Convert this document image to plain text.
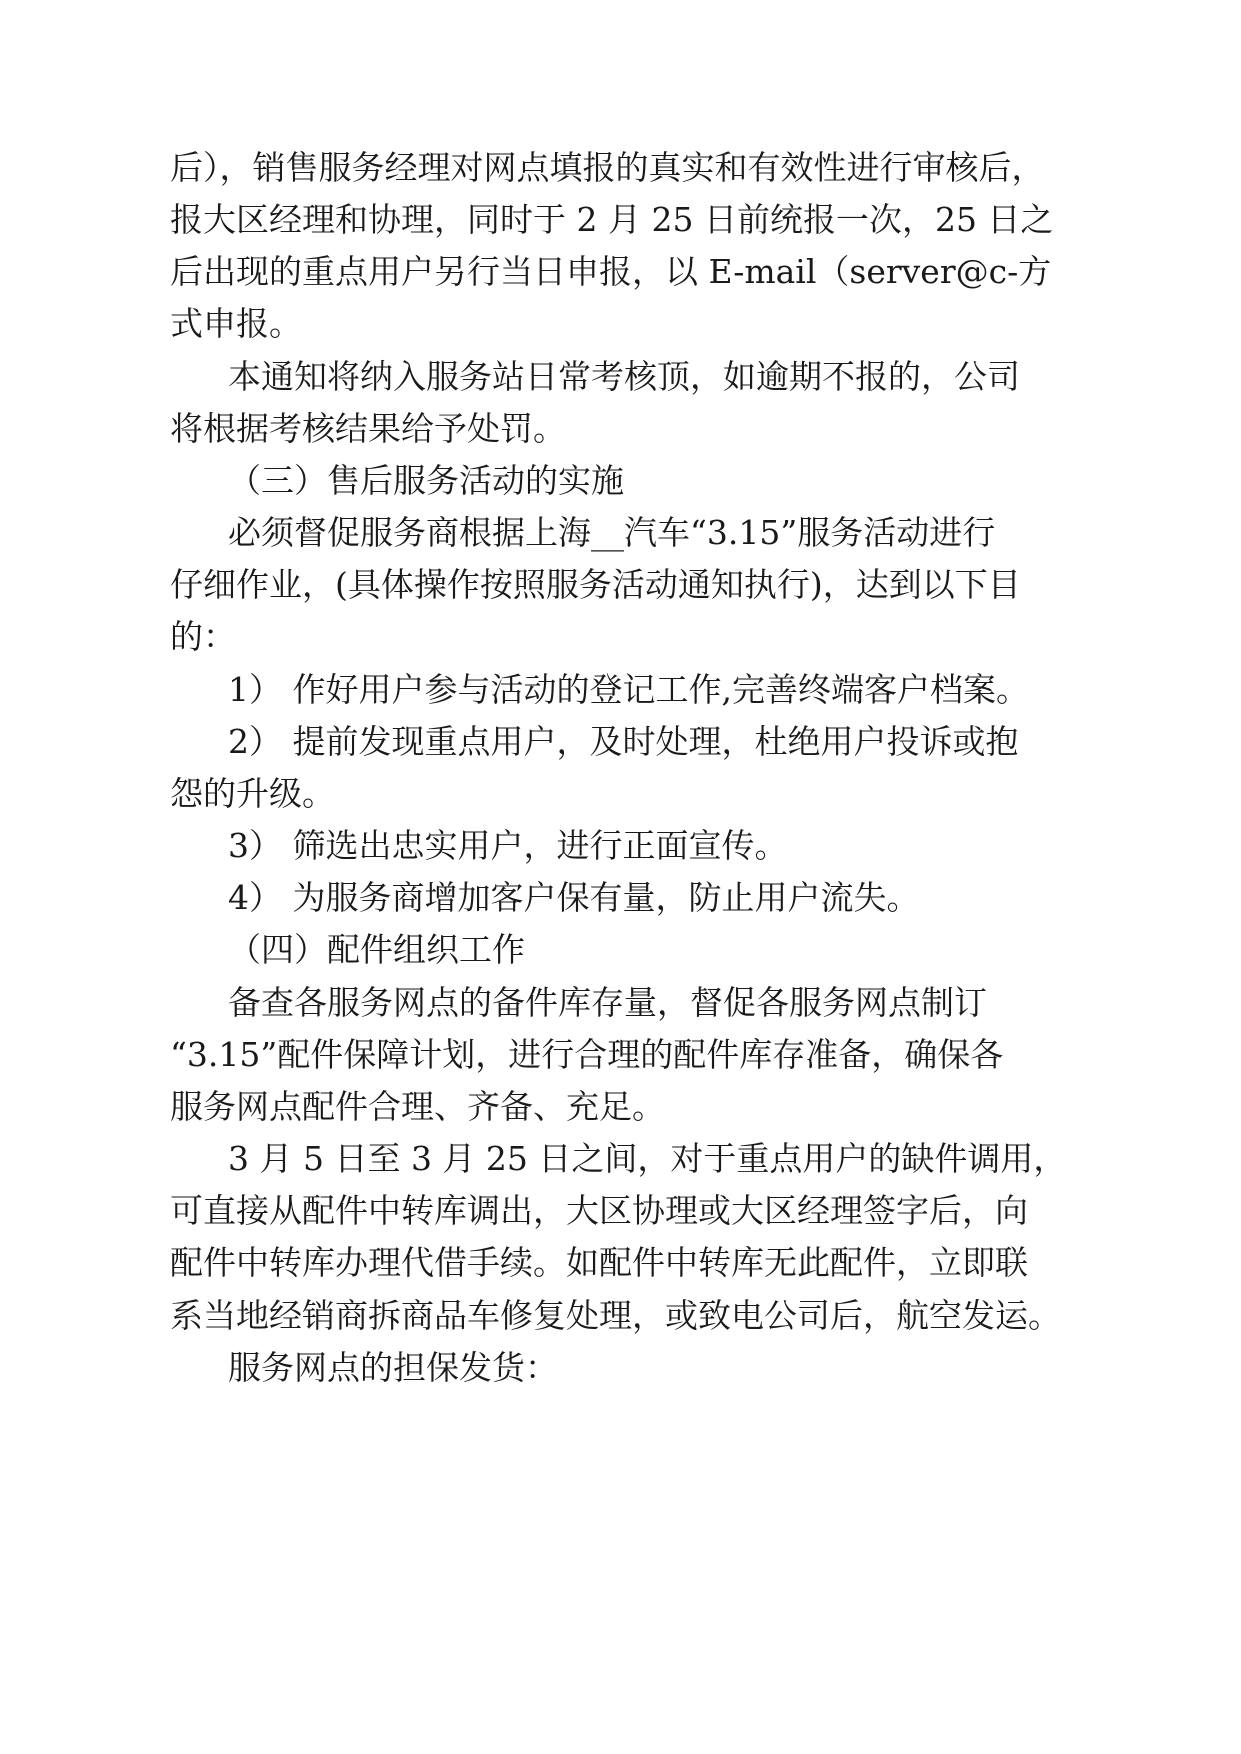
后），销售服务经理对网点填报的真实和有效性进行审核后，
报大区经理和协理，同时于 2 月 25 日前统报一次，25 日之
后出现的重点用户另行当日申报，以 E-mail（server@c-方
式申报。
本通知将纳入服务站日常考核顶，如逾期不报的，公司
将根据考核结果给予处罚。
（三）售后服务活动的实施
必须督促服务商根据上海__汽车“3.15”服务活动进行
仔细作业，(具体操作按照服务活动通知执行)，达到以下目
的：
1） 作好用户参与活动的登记工作,完善终端客户档案。
2） 提前发现重点用户，及时处理，杜绝用户投诉或抱
怨的升级。
3） 筛选出忠实用户，进行正面宣传。
4） 为服务商增加客户保有量，防止用户流失。
（四）配件组织工作
备查各服务网点的备件库存量，督促各服务网点制订
“3.15”配件保障计划，进行合理的配件库存准备，确保各
服务网点配件合理、齐备、充足。
3 月 5 日至 3 月 25 日之间，对于重点用户的缺件调用，
可直接从配件中转库调出，大区协理或大区经理签字后，向
配件中转库办理代借手续。如配件中转库无此配件，立即联
系当地经销商拆商品车修复处理，或致电公司后，航空发运。
服务网点的担保发货：
